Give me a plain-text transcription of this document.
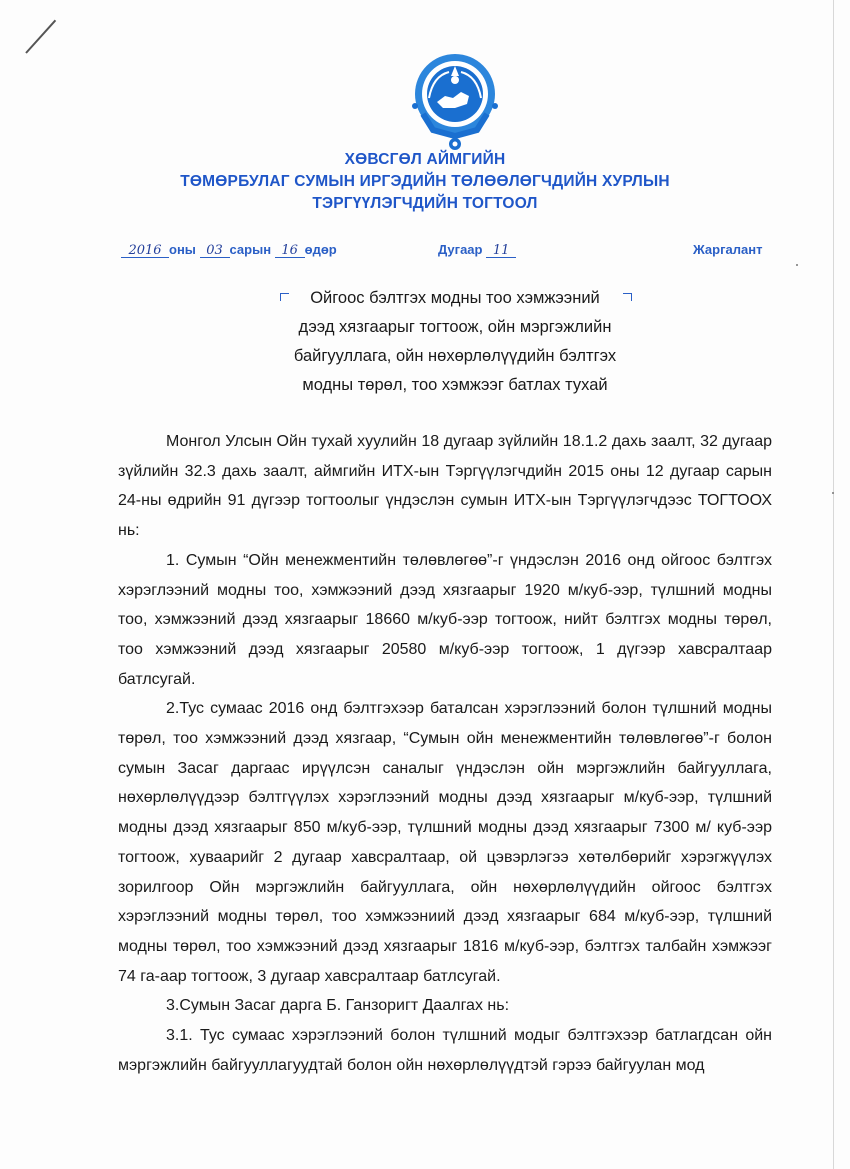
ХӨВСГӨЛ АЙМГИЙН
ТӨМӨРБУЛАГ СУМЫН ИРГЭДИЙН ТӨЛӨӨЛӨГЧДИЙН ХУРЛЫН
ТЭРГҮҮЛЭГЧДИЙН ТОГТООЛ
2016 оны 03 сарын 16 өдөр	Дугаар 11	Жаргалант
Ойгоос бэлтгэх модны тоо хэмжээний
дээд хязгаарыг тогтоож, ойн мэргэжлийн
байгууллага, ойн нөхөрлөлүүдийн бэлтгэх
модны төрөл, тоо хэмжээг батлах тухай

Монгол Улсын Ойн тухай хуулийн 18 дугаар зүйлийн 18.1.2 дахь заалт, 32 дугаар зүйлийн 32.3 дахь заалт, аймгийн ИТХ-ын Тэргүүлэгчдийн 2015 оны 12 дугаар сарын 24-ны өдрийн 91 дүгээр тогтоолыг үндэслэн сумын ИТХ-ын Тэргүүлэгчдээс ТОГТООХ нь:

1. Сумын “Ойн менежментийн төлөвлөгөө”-г үндэслэн 2016 онд ойгоос бэлтгэх хэрэглээний модны тоо, хэмжээний дээд хязгаарыг 1920 м/куб-ээр, түлшний модны тоо, хэмжээний дээд хязгаарыг 18660 м/куб-ээр тогтоож, нийт бэлтгэх модны төрөл, тоо хэмжээний дээд хязгаарыг 20580 м/куб-ээр тогтоож, 1 дүгээр хавсралтаар батлсугай.

2.Тус сумаас 2016 онд бэлтгэхээр баталсан хэрэглээний болон түлшний модны төрөл, тоо хэмжээний дээд хязгаар, “Сумын ойн менежментийн төлөвлөгөө”-г болон сумын Засаг даргаас ирүүлсэн саналыг үндэслэн ойн мэргэжлийн байгууллага, нөхөрлөлүүдээр бэлтгүүлэх хэрэглээний модны дээд хязгаарыг м/куб-ээр, түлшний модны дээд хязгаарыг 850 м/куб-ээр, түлшний модны дээд хязгаарыг 7300 м/ куб-ээр тогтоож, хуваарийг 2 дугаар хавсралтаар, ой цэвэрлэгээ хөтөлбөрийг хэрэгжүүлэх зорилгоор Ойн мэргэжлийн байгууллага, ойн нөхөрлөлүүдийн ойгоос бэлтгэх хэрэглээний модны төрөл, тоо хэмжээниий дээд хязгаарыг 684 м/куб-ээр, түлшний модны төрөл, тоо хэмжээний дээд хязгаарыг 1816 м/куб-ээр, бэлтгэх талбайн хэмжээг 74 га-аар тогтоож, 3 дугаар хавсралтаар батлсугай.

3.Сумын Засаг дарга Б. Ганзоригт Даалгах нь:

3.1. Тус сумаас хэрэглээний болон түлшний модыг бэлтгэхээр батлагдсан ойн мэргэжлийн байгууллагуудтай болон ойн нөхөрлөлүүдтэй гэрээ байгуулан мод
